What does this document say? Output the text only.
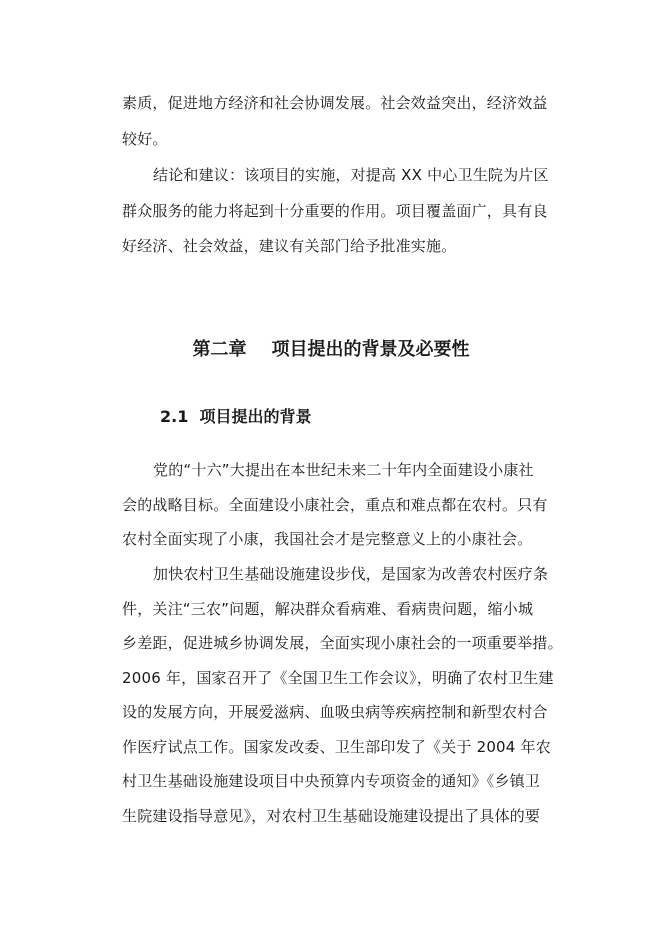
素质，促进地方经济和社会协调发展。社会效益突出，经济效益
较好。
结论和建议：该项目的实施，对提高 XX 中心卫生院为片区
群众服务的能力将起到十分重要的作用。项目覆盖面广，具有良
好经济、社会效益，建议有关部门给予批准实施。
第二章    项目提出的背景及必要性
2.1  项目提出的背景
党的“十六”大提出在本世纪未来二十年内全面建设小康社
会的战略目标。全面建设小康社会，重点和难点都在农村。只有
农村全面实现了小康，我国社会才是完整意义上的小康社会。
加快农村卫生基础设施建设步伐，是国家为改善农村医疗条
件，关注“三农”问题，解决群众看病难、看病贵问题，缩小城
乡差距，促进城乡协调发展，全面实现小康社会的一项重要举措。
2006 年，国家召开了《全国卫生工作会议》，明确了农村卫生建
设的发展方向，开展爱滋病、血吸虫病等疾病控制和新型农村合
作医疗试点工作。国家发改委、卫生部印发了《关于 2004 年农
村卫生基础设施建设项目中央预算内专项资金的通知》《乡镇卫
生院建设指导意见》，对农村卫生基础设施建设提出了具体的要
